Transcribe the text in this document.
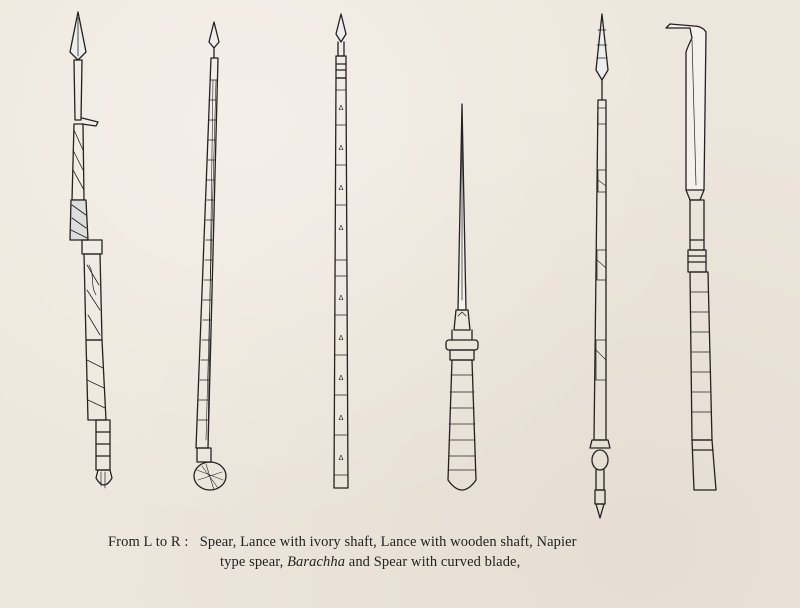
ᐃ
ᐃ
ᐃ
ᐃ
ᐃ
ᐃ
ᐃ
ᐃ
ᐃ
From L to R : Spear, Lance with ivory shaft, Lance with wooden shaft, Napier
type spear, Barachha and Spear with curved blade,
